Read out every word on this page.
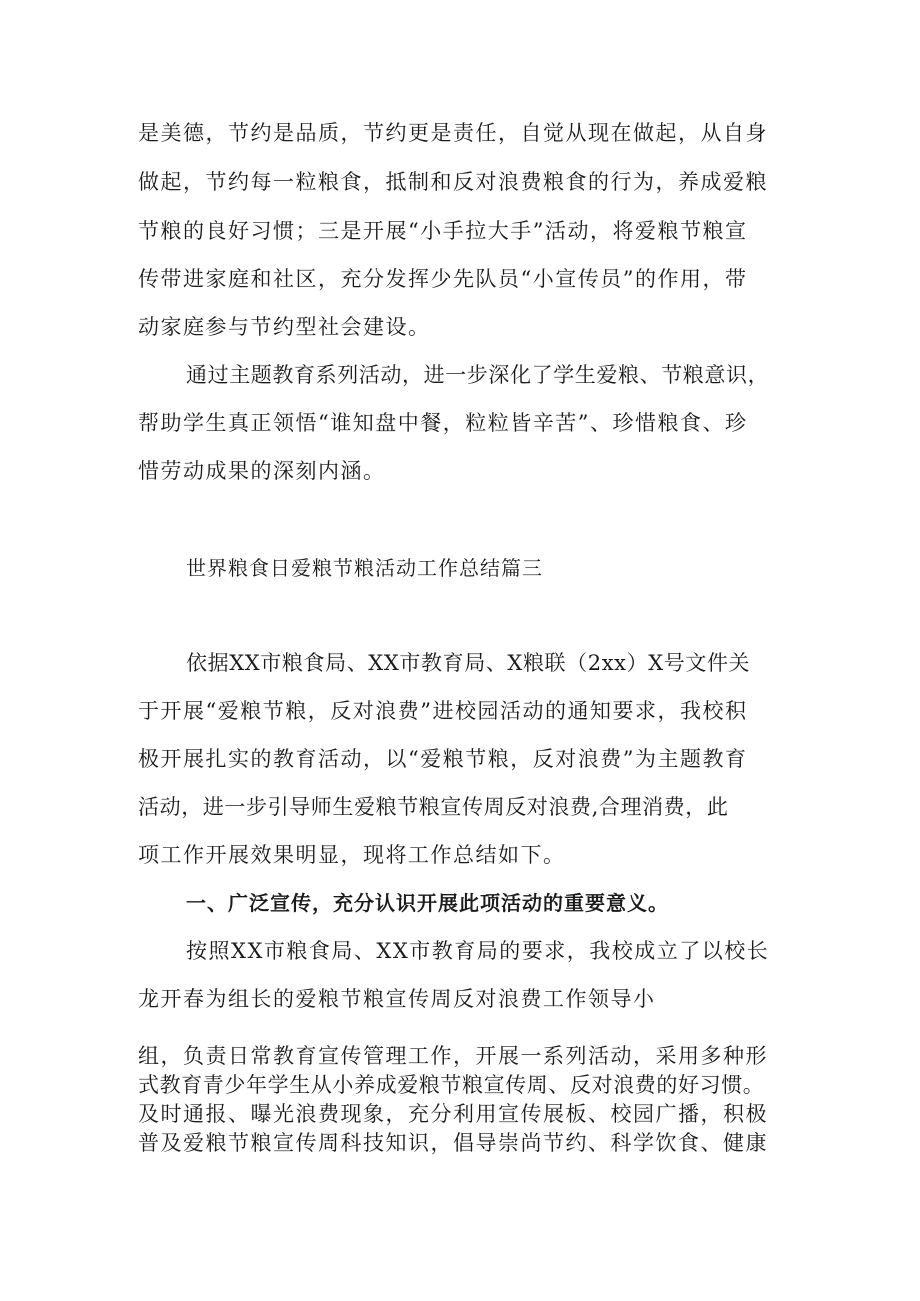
是美德，节约是品质，节约更是责任，自觉从现在做起，从自身
做起，节约每一粒粮食，抵制和反对浪费粮食的行为，养成爱粮
节粮的良好习惯；三是开展“小手拉大手”活动，将爱粮节粮宣
传带进家庭和社区，充分发挥少先队员“小宣传员”的作用，带
动家庭参与节约型社会建设。
通过主题教育系列活动，进一步深化了学生爱粮、节粮意识，
帮助学生真正领悟“谁知盘中餐，粒粒皆辛苦”、珍惜粮食、珍
惜劳动成果的深刻内涵。
世界粮食日爱粮节粮活动工作总结篇三
依据XX市粮食局、XX市教育局、X粮联（2xx）X号文件关
于开展“爱粮节粮，反对浪费”进校园活动的通知要求，我校积
极开展扎实的教育活动，以“爱粮节粮，反对浪费”为主题教育
活动，进一步引导师生爱粮节粮宣传周反对浪费,合理消费，此
项工作开展效果明显，现将工作总结如下。
一、广泛宣传，充分认识开展此项活动的重要意义。
按照XX市粮食局、XX市教育局的要求，我校成立了以校长
龙开春为组长的爱粮节粮宣传周反对浪费工作领导小
组，负责日常教育宣传管理工作，开展一系列活动，采用多种形
式教育青少年学生从小养成爱粮节粮宣传周、反对浪费的好习惯。
及时通报、曝光浪费现象，充分利用宣传展板、校园广播，积极
普及爱粮节粮宣传周科技知识，倡导崇尚节约、科学饮食、健康
